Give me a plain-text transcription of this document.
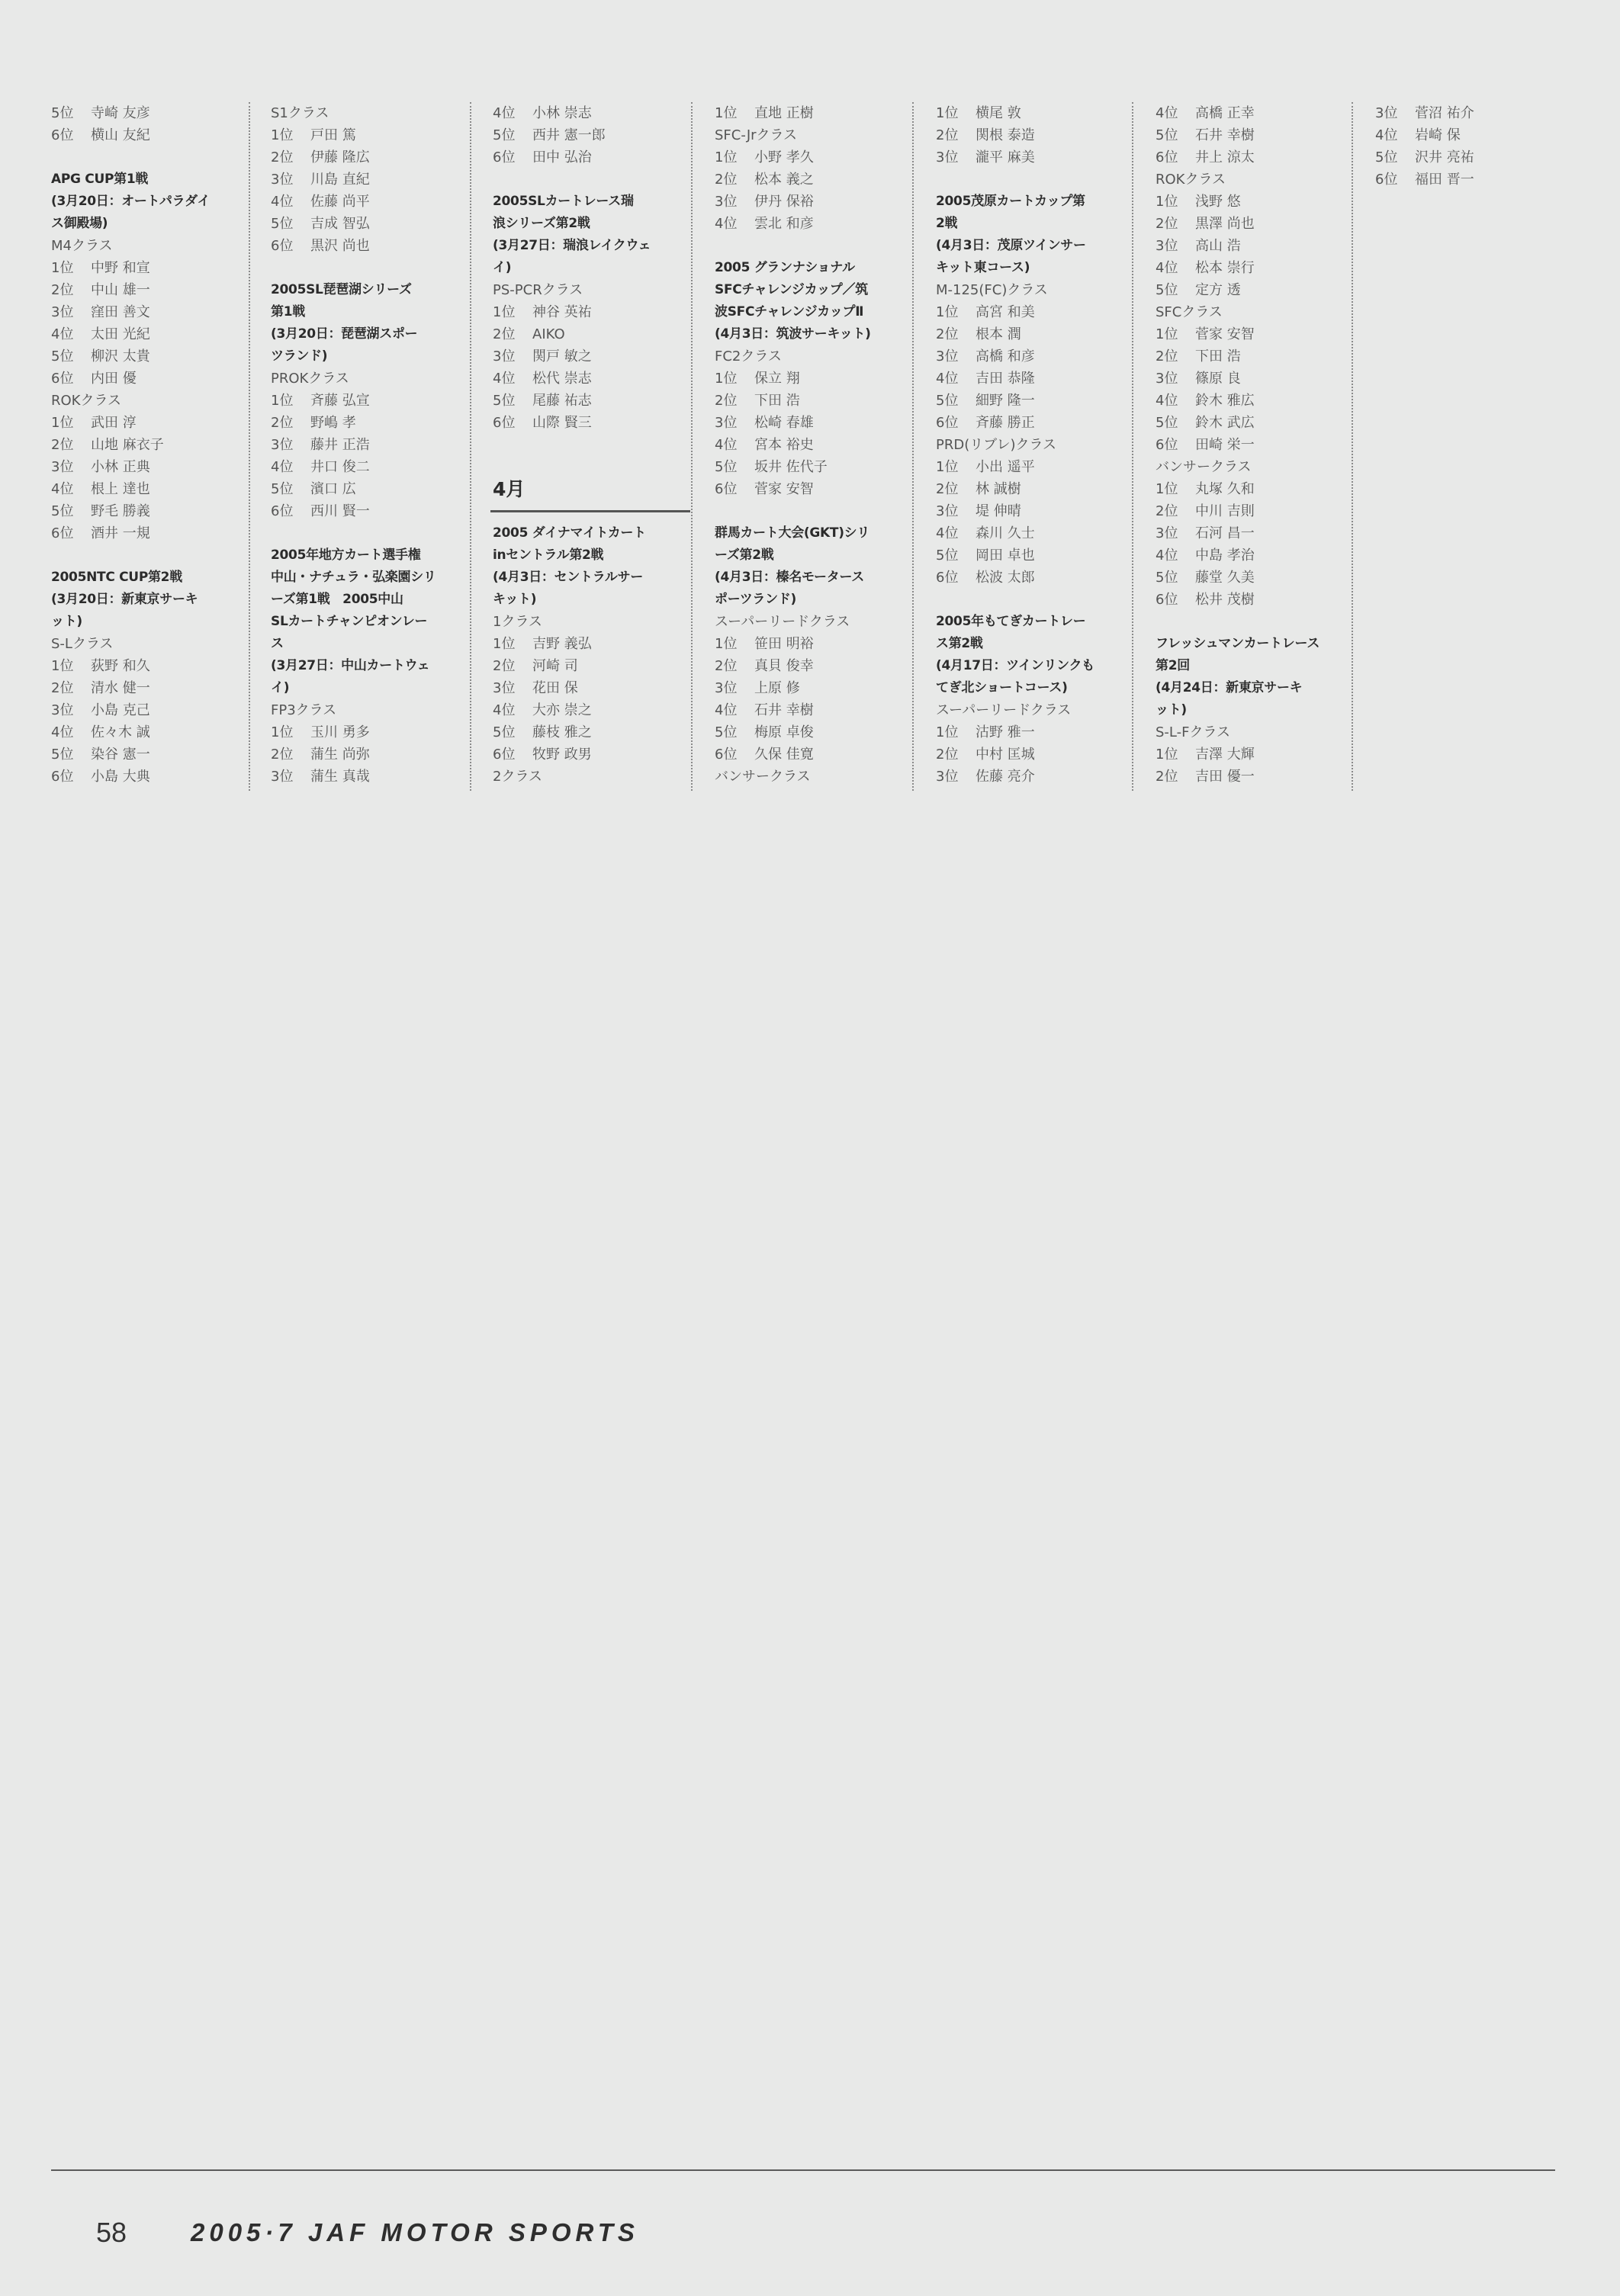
5位 寺崎 友彦
6位 横山 友紀
APG CUP第1戦
(3月20日：オートパラダイ
ス御殿場)
M4クラス
1位 中野 和宣
2位 中山 雄一
3位 窪田 善文
4位 太田 光紀
5位 柳沢 太貴
6位 内田 優
ROKクラス
1位 武田 淳
2位 山地 麻衣子
3位 小林 正典
4位 根上 達也
5位 野毛 勝義
6位 酒井 一規
2005NTC CUP第2戦
(3月20日：新東京サーキ
ット)
S-Lクラス
1位 荻野 和久
2位 清水 健一
3位 小島 克己
4位 佐々木 誠
5位 染谷 憲一
6位 小島 大典
S1クラス
1位 戸田 篤
2位 伊藤 隆広
3位 川島 直紀
4位 佐藤 尚平
5位 吉成 智弘
6位 黒沢 尚也
2005SL琵琶湖シリーズ
第1戦
(3月20日：琵琶湖スポー
ツランド)
PROKクラス
1位 斉藤 弘宣
2位 野嶋 孝
3位 藤井 正浩
4位 井口 俊二
5位 濱口 広
6位 西川 賢一
2005年地方カート選手権
中山・ナチュラ・弘楽園シリ
ーズ第1戦　2005中山
SLカートチャンピオンレー
ス
(3月27日：中山カートウェ
イ)
FP3クラス
1位 玉川 勇多
2位 蒲生 尚弥
3位 蒲生 真哉
4位 小林 崇志
5位 西井 憲一郎
6位 田中 弘治
2005SLカートレース瑞
浪シリーズ第2戦
(3月27日：瑞浪レイクウェ
イ)
PS-PCRクラス
1位 神谷 英祐
2位 AIKO
3位 関戸 敏之
4位 松代 崇志
5位 尾藤 祐志
6位 山際 賢三
4月
2005 ダイナマイトカート
inセントラル第2戦
(4月3日：セントラルサー
キット)
1クラス
1位 吉野 義弘
2位 河崎 司
3位 花田 保
4位 大亦 崇之
5位 藤枝 雅之
6位 牧野 政男
2クラス
1位 直地 正樹
SFC-Jrクラス
1位 小野 孝久
2位 松本 義之
3位 伊丹 保裕
4位 雲北 和彦
2005 グランナショナル
SFCチャレンジカップ／筑
波SFCチャレンジカップⅡ
(4月3日：筑波サーキット)
FC2クラス
1位 保立 翔
2位 下田 浩
3位 松崎 春雄
4位 宮本 裕史
5位 坂井 佐代子
6位 菅家 安智
群馬カート大会(GKT)シリ
ーズ第2戦
(4月3日：榛名モータース
ポーツランド)
スーパーリードクラス
1位 笹田 明裕
2位 真貝 俊幸
3位 上原 修
4位 石井 幸樹
5位 梅原 卓俊
6位 久保 佳寛
バンサークラス
1位 横尾 敦
2位 関根 泰造
3位 瀧平 麻美
2005茂原カートカップ第
2戦
(4月3日：茂原ツインサー
キット東コース)
M-125(FC)クラス
1位 高宮 和美
2位 根本 潤
3位 高橋 和彦
4位 吉田 恭隆
5位 細野 隆一
6位 斉藤 勝正
PRD(リブレ)クラス
1位 小出 遥平
2位 林 誠樹
3位 堤 伸晴
4位 森川 久士
5位 岡田 卓也
6位 松波 太郎
2005年もてぎカートレー
ス第2戦
(4月17日：ツインリンクも
てぎ北ショートコース)
スーパーリードクラス
1位 沽野 雅一
2位 中村 匡城
3位 佐藤 亮介
4位 高橋 正幸
5位 石井 幸樹
6位 井上 涼太
ROKクラス
1位 浅野 悠
2位 黒澤 尚也
3位 高山 浩
4位 松本 崇行
5位 定方 透
SFCクラス
1位 菅家 安智
2位 下田 浩
3位 篠原 良
4位 鈴木 雅広
5位 鈴木 武広
6位 田崎 栄一
バンサークラス
1位 丸塚 久和
2位 中川 吉則
3位 石河 昌一
4位 中島 孝治
5位 藤堂 久美
6位 松井 茂樹
フレッシュマンカートレース
第2回
(4月24日：新東京サーキ
ット)
S-L-Fクラス
1位 吉澤 大輝
2位 吉田 優一
3位 菅沼 祐介
4位 岩崎 保
5位 沢井 亮祐
6位 福田 晋一
58	2005·7 JAF MOTOR SPORTS
